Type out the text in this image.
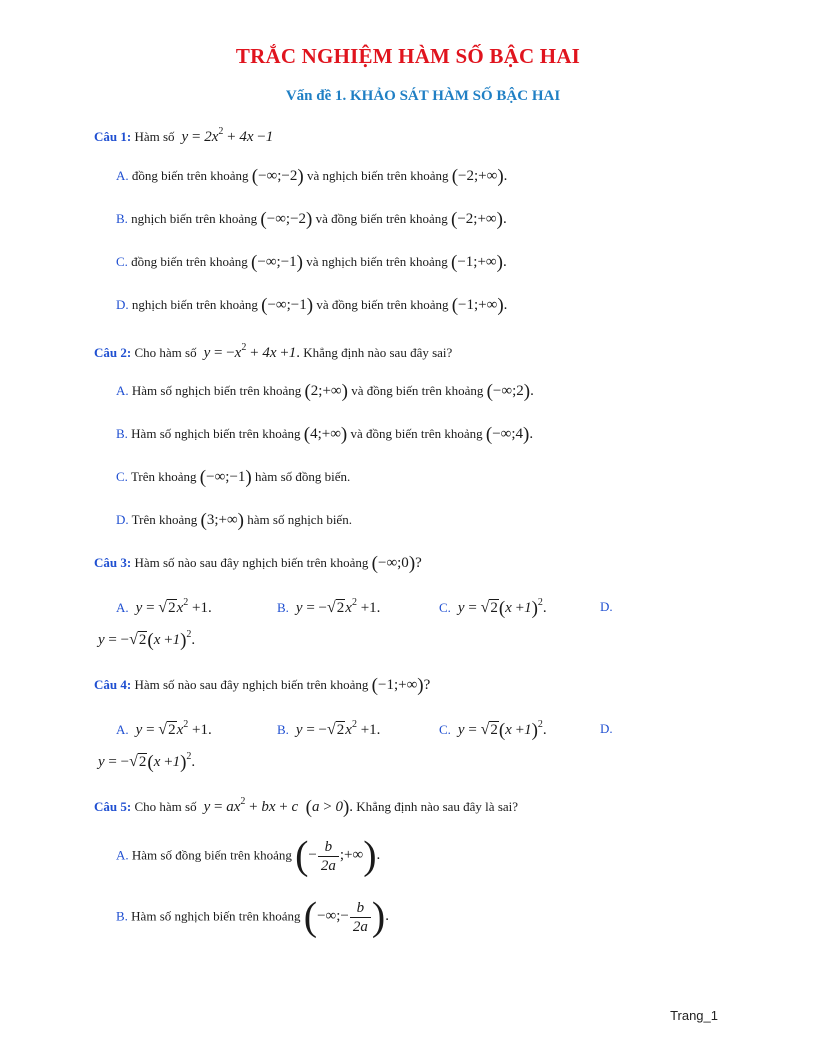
TRẮC NGHIỆM HÀM SỐ BẬC HAI
Vấn đề 1. KHẢO SÁT HÀM SỐ BẬC HAI
Câu 1: Hàm số  $y = 2x^2 + 4x -1$
A. đồng biến trên khoảng (−∞;−2) và nghịch biến trên khoảng (−2;+∞).
B. nghịch biến trên khoảng (−∞;−2) và đồng biến trên khoảng (−2;+∞).
C. đồng biến trên khoảng (−∞;−1) và nghịch biến trên khoảng (−1;+∞).
D. nghịch biến trên khoảng (−∞;−1) và đồng biến trên khoảng (−1;+∞).
Câu 2: Cho hàm số  $y = -x^2 + 4x +1$. Khẳng định nào sau đây sai?
A. Hàm số nghịch biến trên khoảng (2;+∞) và đồng biến trên khoảng (−∞;2).
B. Hàm số nghịch biến trên khoảng (4;+∞) và đồng biến trên khoảng (−∞;4).
C. Trên khoảng (−∞;−1) hàm số đồng biến.
D. Trên khoảng (3;+∞) hàm số nghịch biến.
Câu 3: Hàm số nào sau đây nghịch biến trên khoảng (−∞;0)?
A.  $y = √2x^2 +1$.	B.  $y = -√2x^2 +1$.	C.  $y = √2(x +1)^2$.	D.
$y = -√2(x +1)^2$.
Câu 4: Hàm số nào sau đây nghịch biến trên khoảng (−1;+∞)?
A.  $y = √2x^2 +1$.	B.  $y = -√2x^2 +1$.	C.  $y = √2(x +1)^2$.	D.
$y = -√2(x +1)^2$.
Câu 5: Cho hàm số  $y = ax^2$ + bx + c  (a > 0). Khẳng định nào sau đây là sai?
A. Hàm số đồng biến trên khoảng (− $\frac{b}{2a}$ ;+∞).
B. Hàm số nghịch biến trên khoảng (−∞;− $\frac{b}{2a}$ ).
Trang_1
